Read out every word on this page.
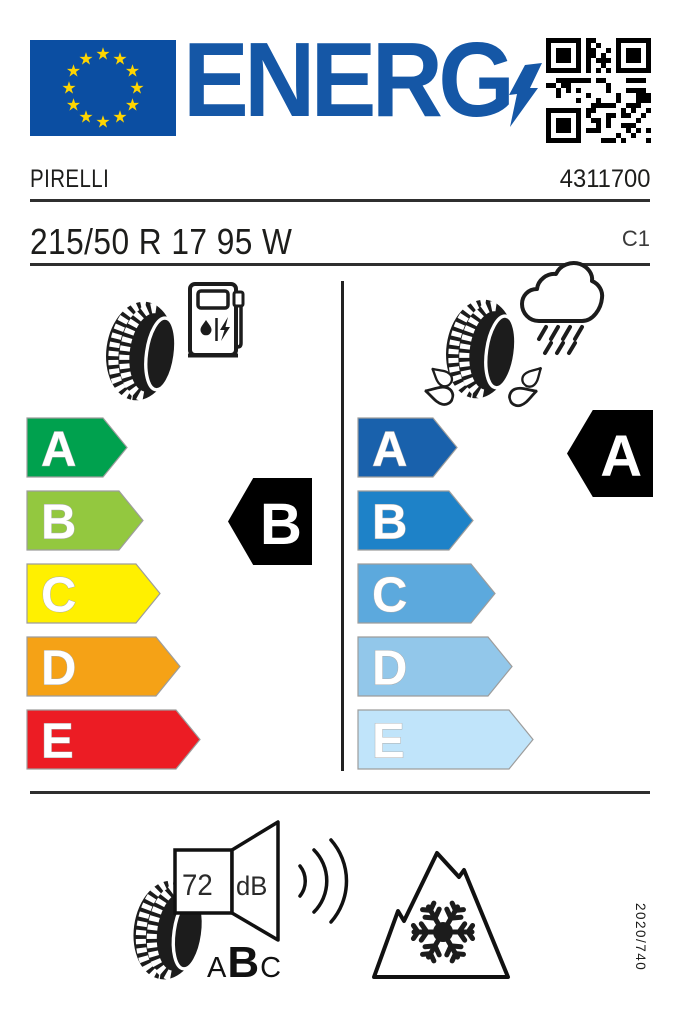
★ ★
★
★
★
★
★
★
★
★
★
★ ENERG
PIRELLI	4311700
215/50 R 17 95 W	C1
A
B
C
D
E
B
A
B
C
D
E
A
72 dB
A B C	2020/740
